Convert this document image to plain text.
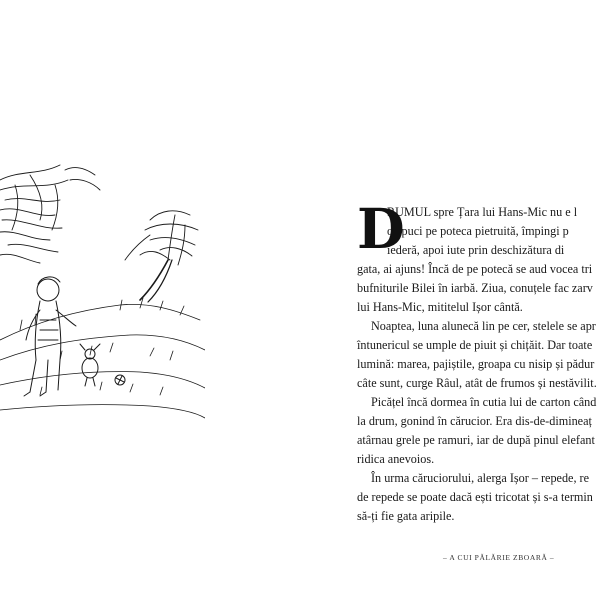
D
RUMUL spre Țara lui Hans-Mic nu e l
o apuci pe poteca pietruită, împingi p
iederă, apoi iute prin deschizătura di
gata, ai ajuns! Încă de pe potecă se aud vocea tri
bufniturile Bilei în iarbă. Ziua, conuțele fac zarv
lui Hans-Mic, mititelul Ișor cântă.
Noaptea, luna alunecă lin pe cer, stelele se apr
întunericul se umple de piuit și chițăit. Dar toate
lumină: marea, pajiștile, groapa cu nisip și pădur
câte sunt, curge Râul, atât de frumos și nestăvilit.
Picățel încă dormea în cutia lui de carton când
la drum, gonind în cărucior. Era dis-de-dimineaț
atârnau grele pe ramuri, iar de după pinul elefant
ridica anevoios.
În urma căruciorului, alerga Ișor – repede, re
de repede se poate dacă ești tricotat și s-a termin
să-ți fie gata aripile.
– A CUI PĂLĂRIE ZBOARĂ –
